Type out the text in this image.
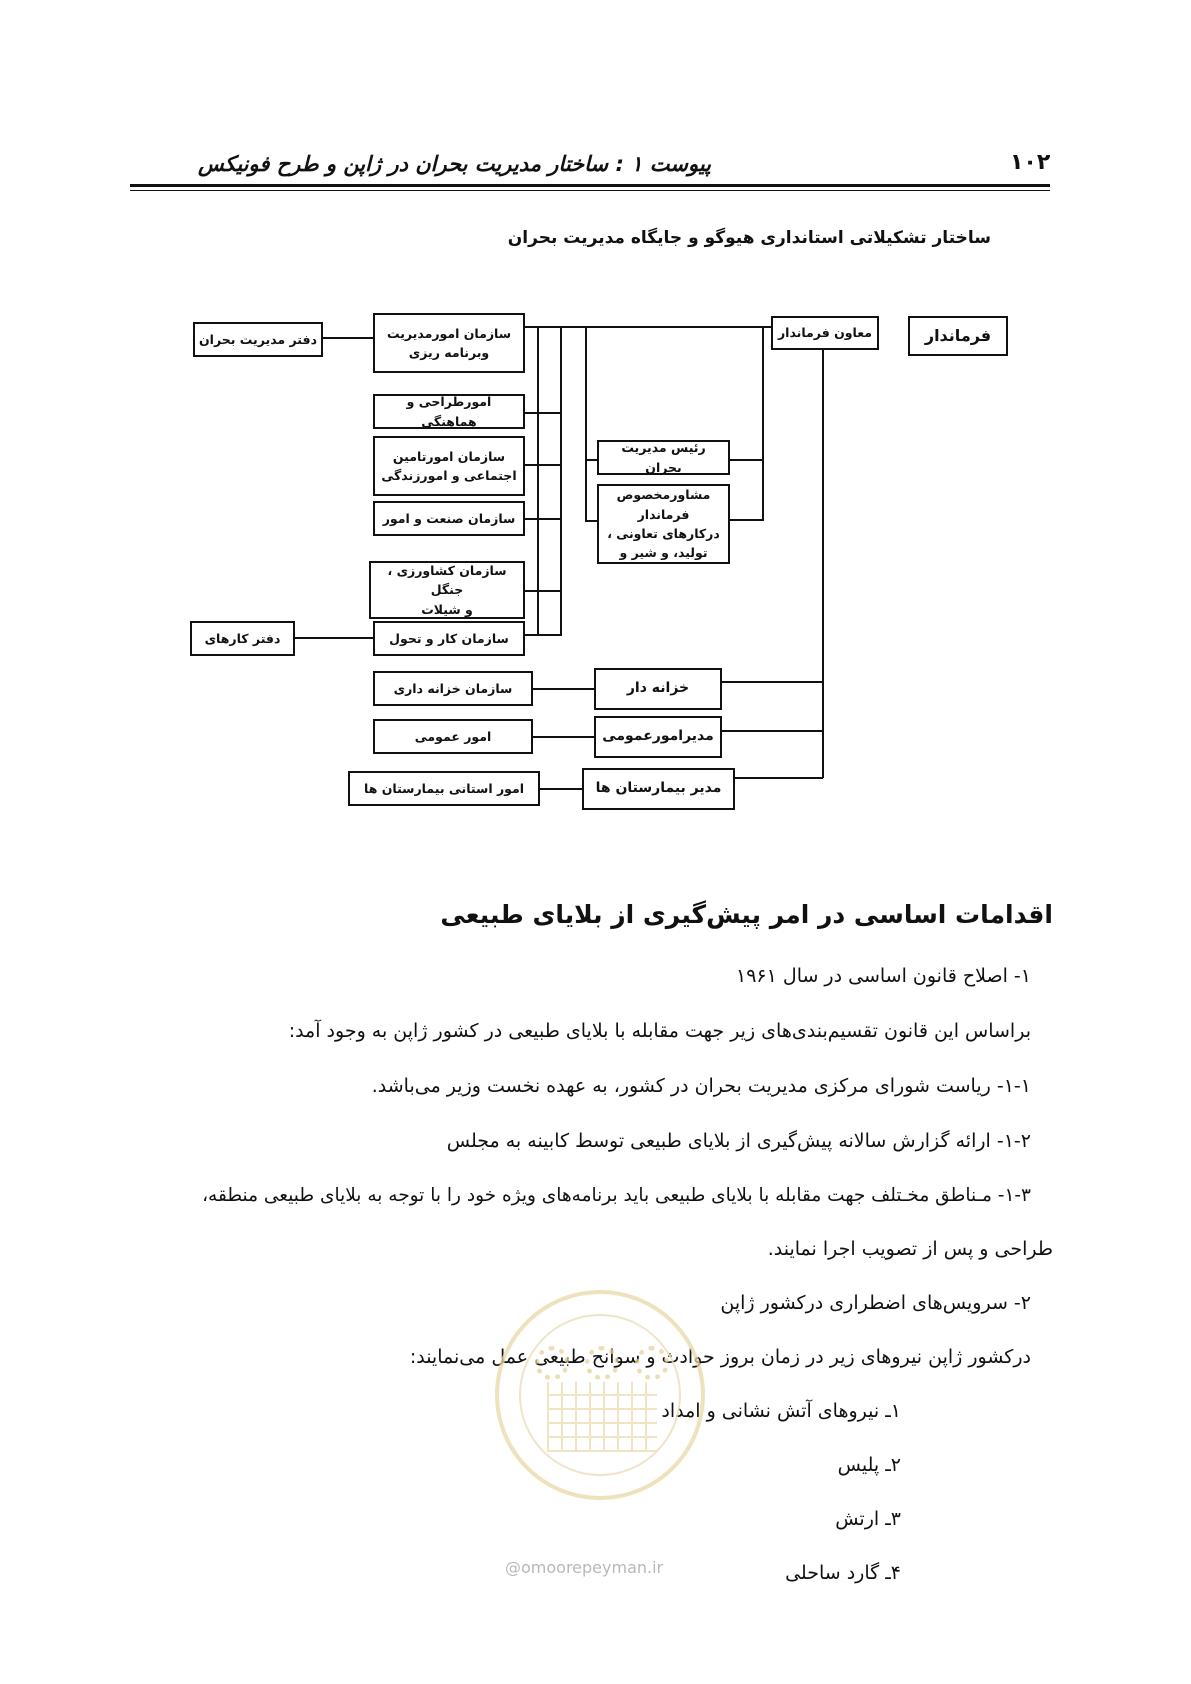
پیوست ۱ : ساختار مدیریت بحران در ژاپن و طرح فونیکس	۱۰۲
ساختار تشکیلاتی استانداری هیوگو و جایگاه مدیریت بحران
فرماندار
معاون فرماندار
دفتر مدیریت بحران	سازمان امورمدیریت
وبرنامه ریزی
امورطراحی و هماهنگی
سازمان امورتامین
اجتماعی و امورزندگی
سازمان صنعت و امور
سازمان کشاورزی ، جنگل
و شیلات
سازمان کار و تحول
دفتر کارهای
رئیس مدیریت بحران
مشاورمخصوص فرماندار
درکارهای تعاونی ،
تولید، و شیر و
خزانه دار
سازمان خزانه داری
مدیرامورعمومی
امور عمومی
مدیر بیمارستان ها
امور استانی بیمارستان ها
اقدامات اساسی در امر پیش‌گیری از بلایای طبیعی
۱- اصلاح قانون اساسی در سال ۱۹۶۱
براساس این قانون تقسیم‌بندی‌های زیر جهت مقابله با بلایای طبیعی در کشور ژاپن به وجود آمد:
۱-۱- ریاست شورای مرکزی مدیریت بحران در کشور، به عهده نخست وزیر می‌باشد.
۱-۲- ارائه گزارش سالانه پیش‌گیری از بلایای طبیعی توسط کابینه به مجلس
۱-۳- مـناطق مخـتلف جهت مقابله با بلایای طبیعی باید برنامه‌های ویژه خود را با توجه به بلایای طبیعی منطقه،
طراحی و پس از تصویب اجرا نمایند.
۲- سرویس‌های اضطراری درکشور ژاپن
درکشور ژاپن نیروهای زیر در زمان بروز حوادث و سوانح طبیعی عمل می‌نمایند:
۱ـ نیروهای آتش نشانی و امداد
۲ـ پلیس
۳ـ ارتش
۴ـ گارد ساحلی
@omoorepeyman.ir
